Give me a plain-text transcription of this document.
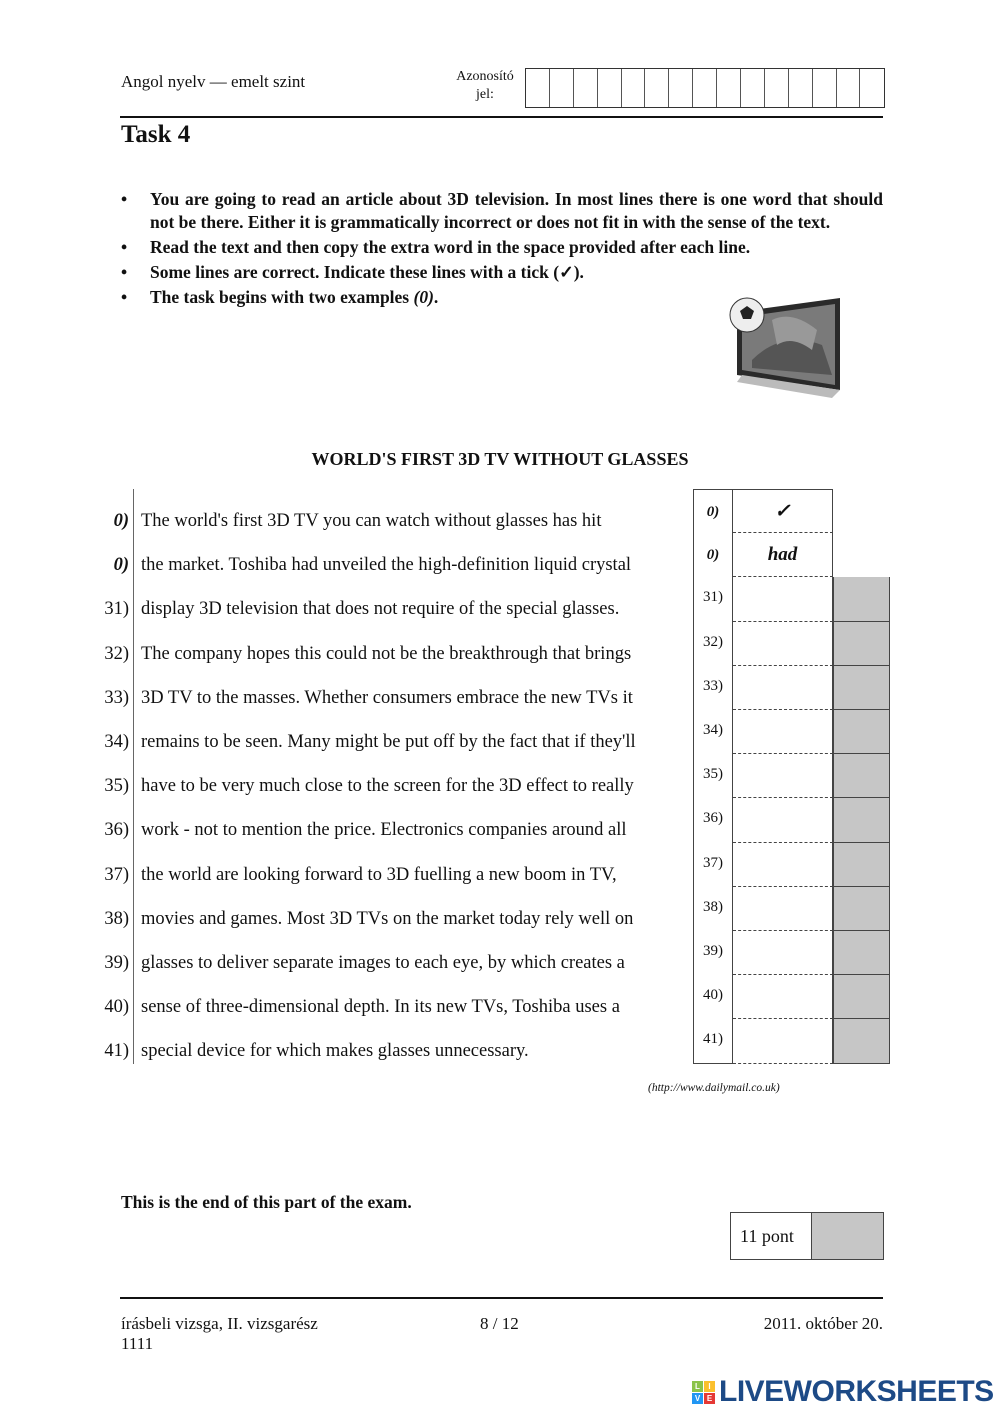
Angol nyelv — emelt szint	Azonosító
jel:
Task 4
• You are going to read an article about 3D television. In most lines there is one word that should not be there. Either it is grammatically incorrect or does not fit in with the sense of the text.
• Read the text and then copy the extra word in the space provided after each line.
• Some lines are correct. Indicate these lines with a tick (✓).
• The task begins with two examples (0).
WORLD'S FIRST 3D TV WITHOUT GLASSES
0) The world's first 3D TV you can watch without glasses has hit
0) the market. Toshiba had unveiled the high-definition liquid crystal
31) display 3D television that does not require of the special glasses.
32) The company hopes this could not be the breakthrough that brings
33) 3D TV to the masses. Whether consumers embrace the new TVs it
34) remains to be seen. Many might be put off by the fact that if they'll
35) have to be very much close to the screen for the 3D effect to really
36) work - not to mention the price. Electronics companies around all
37) the world are looking forward to 3D fuelling a new boom in TV,
38) movies and games. Most 3D TVs on the market today rely well on
39) glasses to deliver separate images to each eye, by which creates a
40) sense of three-dimensional depth. In its new TVs, Toshiba uses a
41) special device for which makes glasses unnecessary.
0)	✓
0)	had
31)
32)
33)
34)
35)
36)
37)
38)
39)
40)
41)
(http://www.dailymail.co.uk)
This is the end of this part of the exam.
11 pont
írásbeli vizsga, II. vizsgarész
1111
8 / 12	2011. október 20.
L	I
V E LIVEWORKSHEETS
